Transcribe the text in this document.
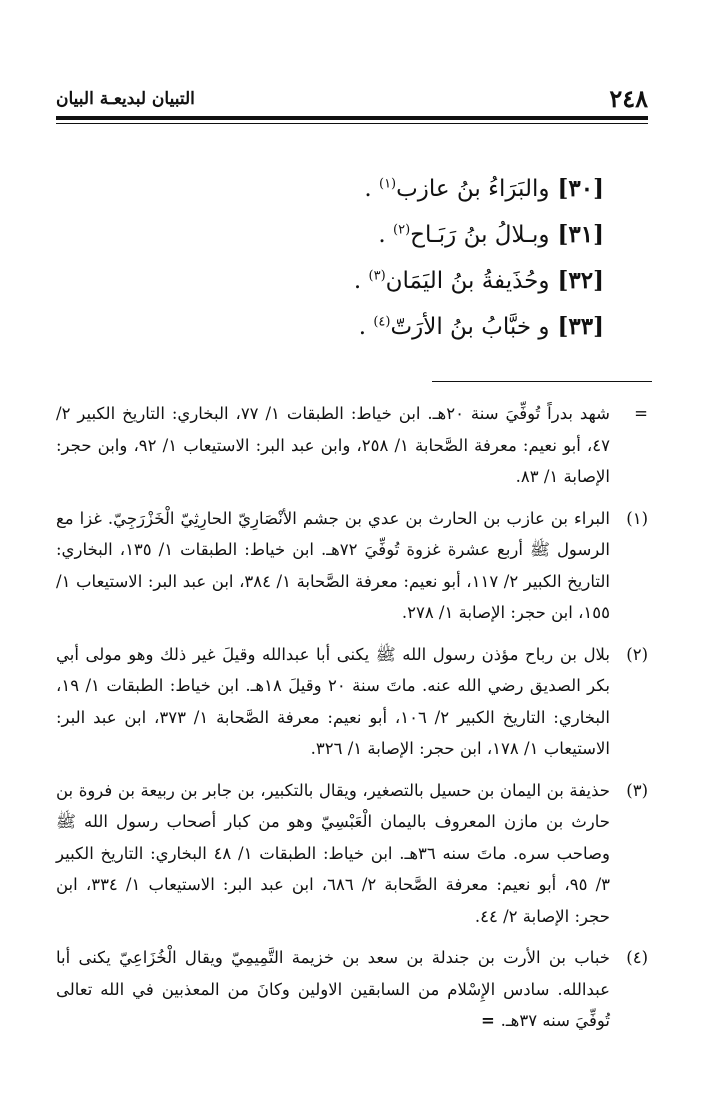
٢٤٨
التبيان لبديعـة البيان
[٣٠]والبَرَاءُ بنُ عازب$^{(١)}$ .
[٣١]وبـلالُ بنُ رَبَـاح$^{(٢)}$ .
[٣٢]وحُذَيفةُ بنُ اليَمَان$^{(٣)}$ .
[٣٣]و خبَّابُ بنُ الأرَتّ$^{(٤)}$ .
=
شهد بدراً تُوفِّيَ سنة ٢٠هـ. ابن خياط: الطبقات ١/ ٧٧، البخاري: التاريخ الكبير ٢/ ٤٧، أبو نعيم: معرفة الصَّحابة ١/ ٢٥٨، وابن عبد البر: الاستيعاب ١/ ٩٢، وابن حجر: الإصابة ١/ ٨٣.
(١)
البراء بن عازب بن الحارث بن عدي بن جشم الأنْصَارِيّ الحارِثِيّ الْخَزْرَجِيّ. غزا مع الرسول ﷺ أربع عشرة غزوة تُوفِّيَ ٧٢هـ. ابن خياط: الطبقات ١/ ١٣٥، البخاري: التاريخ الكبير ٢/ ١١٧، أبو نعيم: معرفة الصَّحابة ١/ ٣٨٤، ابن عبد البر: الاستيعاب ١/ ١٥٥، ابن حجر: الإصابة ١/ ٢٧٨.
(٢)
بلال بن رباح مؤذن رسول الله ﷺ يكنى أبا عبدالله وقيلَ غير ذلك وهو مولى أبي بكر الصديق رضي الله عنه. ماتَ سنة ٢٠ وقيلَ ١٨هـ. ابن خياط: الطبقات ١/ ١٩، البخاري: التاريخ الكبير ٢/ ١٠٦، أبو نعيم: معرفة الصَّحابة ١/ ٣٧٣، ابن عبد البر: الاستيعاب ١/ ١٧٨، ابن حجر: الإصابة ١/ ٣٢٦.
(٣)
حذيفة بن اليمان بن حسيل بالتصغير، ويقال بالتكبير، بن جابر بن ربيعة بن فروة بن حارث بن مازن المعروف باليمان الْعَبْسِيّ وهو من كبار أصحاب رسول الله ﷺ وصاحب سره. ماتَ سنه ٣٦هـ. ابن خياط: الطبقات ١/ ٤٨ البخاري: التاريخ الكبير ٣/ ٩٥، أبو نعيم: معرفة الصَّحابة ٢/ ٦٨٦، ابن عبد البر: الاستيعاب ١/ ٣٣٤، ابن حجر: الإصابة ٢/ ٤٤.
(٤)
خباب بن الأرت بن جندلة بن سعد بن خزيمة التَّمِيمِيّ ويقال الْخُزَاعِيّ يكنى أبا عبدالله. سادس الإِسْلام من السابقين الاولين وكانَ من المعذبين في الله تعالى تُوفِّيَ سنه ٣٧هـ. =
